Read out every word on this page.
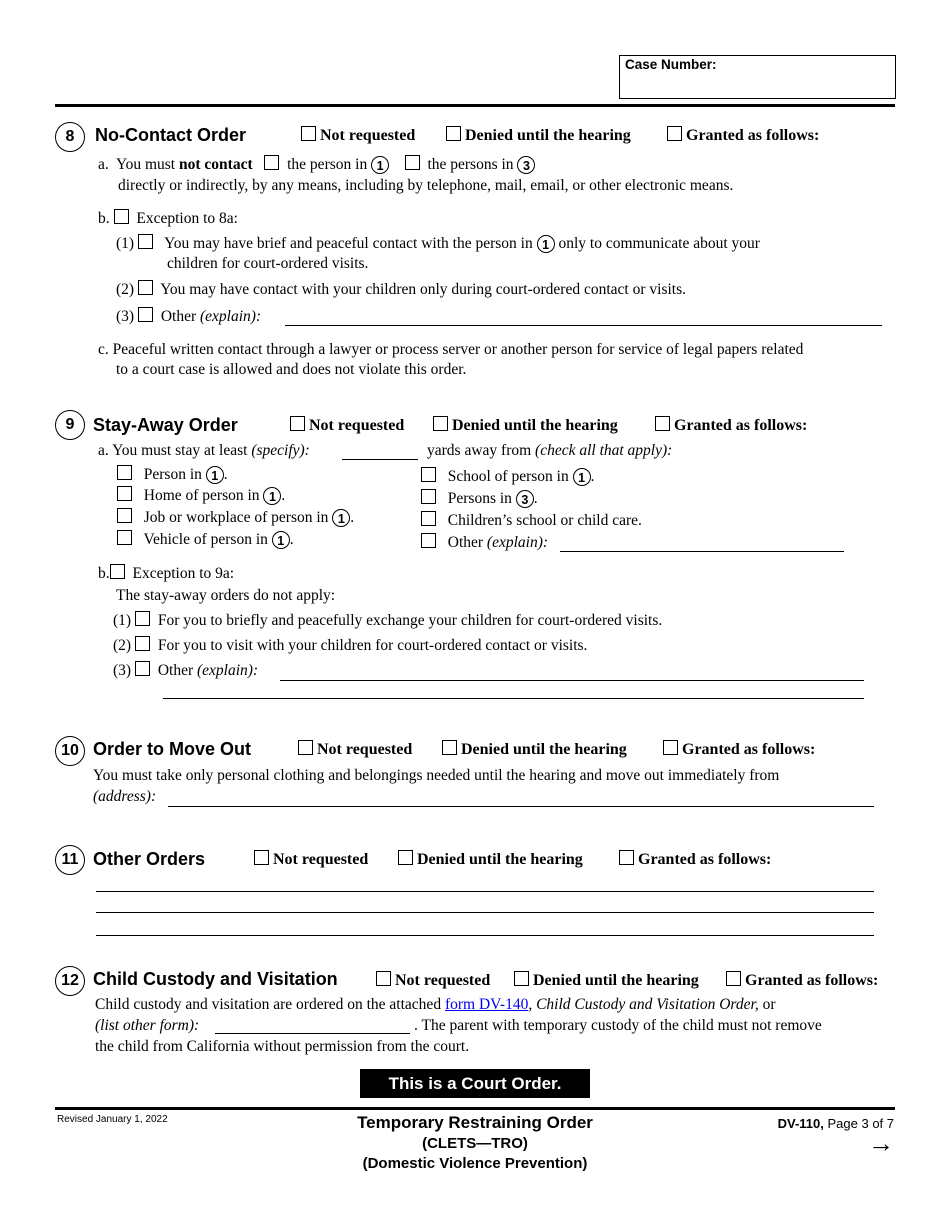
Case Number:
8	No-Contact Order	Not requested	Denied until the hearing	Granted as follows:
a. You must not contact the person in 1	the persons in 3
directly or indirectly, by any means, including by telephone, mail, email, or other electronic means.
b. Exception to 8a:
(1) You may have brief and peaceful contact with the person in 1 only to communicate about your
children for court-ordered visits.
(2) You may have contact with your children only during court-ordered contact or visits.
(3) Other (explain):
c. Peaceful written contact through a lawyer or process server or another person for service of legal papers related
to a court case is allowed and does not violate this order.
9	Stay-Away Order	Not requested	Denied until the hearing	Granted as follows:
a. You must stay at least (specify):	yards away from (check all that apply):
Person in 1 .
Home of person in 1 .
Job or workplace of person in 1 .
Vehicle of person in 1 .
School of person in 1 .
Persons in 3 .
Children’s school or child care.
Other (explain):
b. Exception to 9a:
The stay-away orders do not apply:
(1) For you to briefly and peacefully exchange your children for court-ordered visits.
(2) For you to visit with your children for court-ordered contact or visits.
(3) Other (explain):
10 Order to Move Out	Not requested	Denied until the hearing	Granted as follows:
You must take only personal clothing and belongings needed until the hearing and move out immediately from
(address):
11 Other Orders	Not requested	Denied until the hearing	Granted as follows:
12 Child Custody and Visitation	Not requested	Denied until the hearing	Granted as follows:
Child custody and visitation are ordered on the attached form DV-140, Child Custody and Visitation Order, or
(list other form):	. The parent with temporary custody of the child must not remove
the child from California without permission from the court.
This is a Court Order.
Revised January 1, 2022	Temporary Restraining Order
(CLETS—TRO)
(Domestic Violence Prevention)
DV-110, Page 3 of 7
→
